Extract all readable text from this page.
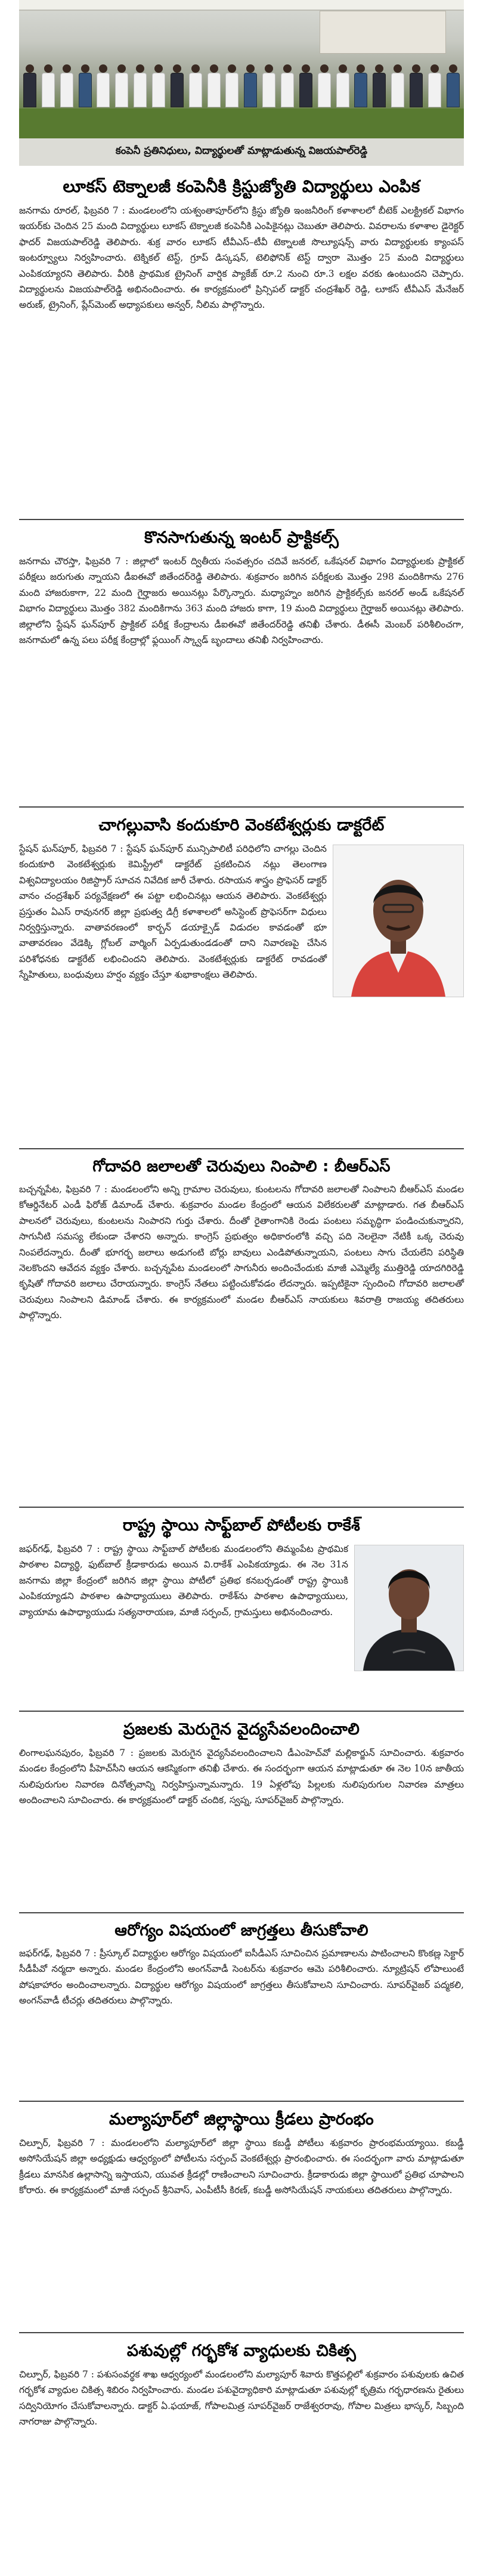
కంపెనీ ప్రతినిధులు, విద్యార్థులతో మాట్లాడుతున్న విజయపాల్‌రెడ్డి
లూకస్ టెక్నాలజీ కంపెనీకి క్రిస్టుజ్యోతి విద్యార్థులు ఎంపిక

జనగామ రూరల్‌, ఫిబ్రవరి 7 : మండలంలోని యశ్వంతాపూర్‌లోని క్రిస్టు జ్యోతి ఇంజనీరింగ్‌ కళాశాలలో బీటెక్‌ ఎలక్ట్రికల్‌ విభాగం ఇయర్‌కు చెందిన 25 మంది విద్యార్థులు లూకస్‌ టెక్నాలజీ కంపెనీకి ఎంపికైనట్లు చెబుతూ తెలిపారు. వివరాలను కళాశాల డైరెక్టర్‌ ఫాదర్‌ విజయపాల్‌రెడ్డి తెలిపారు. శుక్ర వారం లూకస్‌ టీవీఎస్‌–టీవీ టెక్నాలజీ సొల్యూషన్స్‌ వారు విద్యార్థులకు క్యాంపస్‌ ఇంటర్వ్యూలు నిర్వహించారు. టెక్నికల్‌ టెస్ట్‌, గ్రూప్‌ డిస్కషన్‌, టెలిఫోనిక్‌ టెస్ట్‌ ద్వారా మొత్తం 25 మంది విద్యార్థులు ఎంపికయ్యారని తెలిపారు. వీరికి ప్రాథమిక ట్రైనింగ్‌ వార్షిక ప్యాకేజ్‌ రూ.2 నుంచి రూ.3 లక్షల వరకు ఉంటుందని చెప్పారు. విద్యార్థులను విజయపాల్‌రెడ్డి అభినందించారు. ఈ కార్యక్రమంలో ప్రిన్సిపల్‌ డాక్టర్‌ చంద్రశేఖర్‌ రెడ్డి, లూకస్‌ టీవీఎస్‌ మేనేజర్‌ అరుణ్‌, ట్రైనింగ్‌, ప్లేస్‌మెంట్‌ అధ్యాపకులు అన్వర్‌, నీలిమ పాల్గొన్నారు.

కొనసాగుతున్న ఇంటర్‌ ప్రాక్టికల్స్‌

జనగామ చౌరస్తా, ఫిబ్రవరి 7 : జిల్లాలో ఇంటర్‌ ద్వితీయ సంవత్సరం చదివే జనరల్‌, ఒకేషనల్‌ విభాగం విద్యార్థులకు ప్రాక్టికల్‌ పరీక్షలు జరుగుతు న్నాయని డీఐఈవో జితేందర్‌రెడ్డి తెలిపారు. శుక్రవారం జరిగిన పరీక్షలకు మొత్తం 298 మందికిగాను 276 మంది హాజరుకాగా, 22 మంది గైర్హాజరు అయినట్లు పేర్కొన్నారు. మధ్యాహ్నం జరిగిన ప్రాక్టికల్స్‌కు జనరల్‌ అండ్‌ ఒకేషనల్‌ విభాగం విద్యార్థులు మొత్తం 382 మందికిగాను 363 మంది హాజరు కాగా, 19 మంది విద్యార్థులు గైర్హాజర్‌ అయినట్లు తెలిపారు. జిల్లాలోని స్టేషన్‌ ఘన్‌పూర్‌ ప్రాక్టికల్‌ పరీక్ష కేంద్రాలను డీఐఈవో జితేందర్‌రెడ్డి తనిఖీ చేశారు. డీఈసీ మెంబర్‌ పరిశీలించగా, జనగామలో ఉన్న పలు పరీక్ష కేంద్రాల్లో ఫ్లయింగ్‌ స్క్వాడ్‌ బృందాలు తనిఖీ నిర్వహించారు.

చాగల్లువాసి కందుకూరి వెంకటేశ్వర్లుకు డాక్టరేట్‌

స్టేషన్‌ ఘన్‌పూర్‌, ఫిబ్రవరి 7 : స్టేషన్‌ ఘన్‌పూర్‌ మున్సిపాలిటీ పరిధిలోని చాగల్లు చెందిన కందుకూరి వెంకటేశ్వర్లుకు కెమిస్ట్రీలో డాక్టరేట్‌ ప్రకటించిన నట్లు తెలంగాణ విశ్వవిద్యాలయం రిజిస్ట్రార్‌ సూచన నివేదిక జారీ చేశారు. రసాయన శాస్త్రం ప్రొఫెసర్‌ డాక్టర్‌ వానం చంద్రశేఖర్‌ పర్యవేక్షణలో ఈ పట్టా లభించినట్లు ఆయన తెలిపారు. వెంకటేశ్వర్లు ప్రస్తుతం ఏఎస్‌ రావునగర్‌ జిల్లా ప్రభుత్వ డిగ్రీ కళాశాలలో అసిస్టెంట్‌ ప్రొఫెసర్‌గా విధులు నిర్వర్తిస్తున్నారు. వాతావరణంలో కార్బన్‌ డయాక్సైడ్‌ విడుదల కావడంతో భూ వాతావరణం వేడెక్కి గ్లోబల్‌ వార్మింగ్‌ ఏర్పడుతుండడంతో దాని నివారణపై చేసిన పరిశోధనకు డాక్టరేట్‌ లభించిందని తెలిపారు. వెంకటేశ్వర్లుకు డాక్టరేట్‌ రావడంతో స్నేహితులు, బంధువులు హర్షం వ్యక్తం చేస్తూ శుభాకాంక్షలు తెలిపారు.

గోదావరి జలాలతో చెరువులు నింపాలి : బీఆర్‌ఎస్‌

బచ్చన్నపేట, ఫిబ్రవరి 7 : మండలంలోని అన్ని గ్రామాల చెరువులు, కుంటలను గోదావరి జలాలతో నింపాలని బీఆర్‌ఎస్‌ మండల కోఆర్డినేటర్‌ ఎండీ ఫిరోజ్‌ డిమాండ్‌ చేశారు. శుక్రవారం మండల కేంద్రంలో ఆయన విలేకరులతో మాట్లాడారు. గత బీఆర్‌ఎస్‌ పాలనలో చెరువులు, కుంటలను నింపారని గుర్తు చేశారు. దీంతో రైతాంగానికి రెండు పంటలు సమృద్ధిగా పండించుకున్నారని, సాగునీటి సమస్య లేకుండా చేశారని అన్నారు. కాంగ్రెస్‌ ప్రభుత్వం అధికారంలోకి వచ్చి పది నెలలైనా నేటికీ ఒక్క చెరువు నింపలేదన్నారు. దీంతో భూగర్భ జలాలు అడుగంటి బోర్లు బావులు ఎండిపోతున్నాయని, పంటలు సాగు చేయలేని పరిస్థితి నెలకొందని ఆవేదన వ్యక్తం చేశారు. బచ్చన్నపేట మండలంలో సాగునీరు అందించేందుకు మాజీ ఎమ్మెల్యే ముత్తిరెడ్డి యాదగిరిరెడ్డి కృషితో గోదావరి జలాలు చేరాయన్నారు. కాంగ్రెస్‌ నేతలు పట్టించుకోవడం లేదన్నారు. ఇప్పటికైనా స్పందించి గోదావరి జలాలతో చెరువులు నింపాలని డిమాండ్‌ చేశారు. ఈ కార్యక్రమంలో మండల బీఆర్‌ఎస్‌ నాయకులు శివరాత్రి రాజయ్య తదితరులు పాల్గొన్నారు.

రాష్ట్ర స్థాయి సాఫ్ట్‌బాల్‌ పోటీలకు రాకేశ్‌

జఫర్‌గఢ్‌, ఫిబ్రవరి 7 : రాష్ట్ర స్థాయి సాఫ్ట్‌బాల్‌ పోటీలకు మండలంలోని తిమ్మంపేట ప్రాథమిక పాఠశాల విద్యార్థి, ఫుట్‌బాల్‌ క్రీడాకారుడు అయిన వి.రాకేశ్‌ ఎంపికయ్యాడు. ఈ నెల 31న జనగామ జిల్లా కేంద్రంలో జరిగిన జిల్లా స్థాయి పోటీలో ప్రతిభ కనబర్చడంతో రాష్ట్ర స్థాయికి ఎంపికయ్యాడని పాఠశాల ఉపాధ్యాయులు తెలిపారు. రాకేశ్‌ను పాఠశాల ఉపాధ్యాయులు, వ్యాయామ ఉపాధ్యాయుడు సత్యనారాయణ, మాజీ సర్పంచ్‌, గ్రామస్తులు అభినందించారు.

ప్రజలకు మెరుగైన వైద్యసేవలందించాలి

లింగాలఘనపురం, ఫిబ్రవరి 7 : ప్రజలకు మెరుగైన వైద్యసేవలందించాలని డీఎంహెచ్‌వో మల్లికార్జున్‌ సూచించారు. శుక్రవారం మండల కేంద్రంలోని పీహెచ్‌సీని ఆయన ఆకస్మికంగా తనిఖీ చేశారు. ఈ సందర్భంగా ఆయన మాట్లాడుతూ ఈ నెల 10న జాతీయ నులిపురుగుల నివారణ దినోత్సవాన్ని నిర్వహిస్తున్నామన్నారు. 19 ఏళ్లలోపు పిల్లలకు నులిపురుగుల నివారణ మాత్రలు అందించాలని సూచించారు. ఈ కార్యక్రమంలో డాక్టర్‌ చందిక, స్వప్న, సూపర్‌వైజర్‌ పాల్గొన్నారు.

ఆరోగ్యం విషయంలో జాగ్రత్తలు తీసుకోవాలి

జఫర్‌గఢ్‌, ఫిబ్రవరి 7 : ప్రీస్కూల్‌ విద్యార్థుల ఆరోగ్యం విషయంలో ఐసీడీఎస్‌ సూచించిన ప్రమాణాలను పాటించాలని కొంకణ్ల సెక్టార్‌ సీడీపీవో నర్మదా అన్నారు. మండల కేంద్రంలోని అంగన్‌వాడీ సెంటర్‌ను శుక్రవారం ఆమె పరిశీలించారు. న్యూట్రిషన్‌ లోపాలుంటే పోషకాహారం అందించాలన్నారు. విద్యార్థుల ఆరోగ్యం విషయంలో జాగ్రత్తలు తీసుకోవాలని సూచించారు. సూపర్‌వైజర్‌ పద్మకలి, అంగన్‌వాడీ టీచర్లు తదితరులు పాల్గొన్నారు.

మల్యాపూర్‌లో జిల్లాస్థాయి క్రీడలు ప్రారంభం

చిల్పూర్‌, ఫిబ్రవరి 7 : మండలంలోని మల్యాపూర్‌లో జిల్లా స్థాయి కబడ్డీ పోటీలు శుక్రవారం ప్రారంభమయ్యాయి. కబడ్డీ అసోసియేషన్‌ జిల్లా అధ్యక్షుడు ఆధ్వర్యంలో పోటీలను సర్పంచ్‌ వెంకటేశ్వర్లు ప్రారంభించారు. ఈ సందర్భంగా వారు మాట్లాడుతూ క్రీడలు మానసిక ఉల్లాసాన్ని ఇస్తాయని, యువత క్రీడల్లో రాణించాలని సూచించారు. క్రీడాకారుడు జిల్లా స్థాయిలో ప్రతిభ చూపాలని కోరారు. ఈ కార్యక్రమంలో మాజీ సర్పంచ్‌ శ్రీనివాస్‌, ఎంపీటీసీ కిరణ్‌, కబడ్డీ అసోసియేషన్‌ నాయకులు తదితరులు పాల్గొన్నారు.

పశువుల్లో గర్భకోశ వ్యాధులకు చికిత్స

చిల్పూర్‌, ఫిబ్రవరి 7 : పశుసంవర్థక శాఖ ఆధ్వర్యంలో మండలంలోని మల్యాపూర్‌ శివారు కొత్తపల్లిలో శుక్రవారం పశువులకు ఉచిత గర్భకోశ వ్యాధుల చికిత్స శిబిరం నిర్వహించారు. మండల పశువైద్యాధికారి మాట్లాడుతూ పశువుల్లో కృత్రిమ గర్భధారణను రైతులు సద్వినియోగం చేసుకోవాలన్నారు. డాక్టర్‌ ఏ.ఫయాజ్‌, గోపాలమిత్ర సూపర్‌వైజర్‌ రాజేశ్వరరావు, గోపాల మిత్రలు భాస్కర్‌, సిబ్బంది నాగరాజు పాల్గొన్నారు.
